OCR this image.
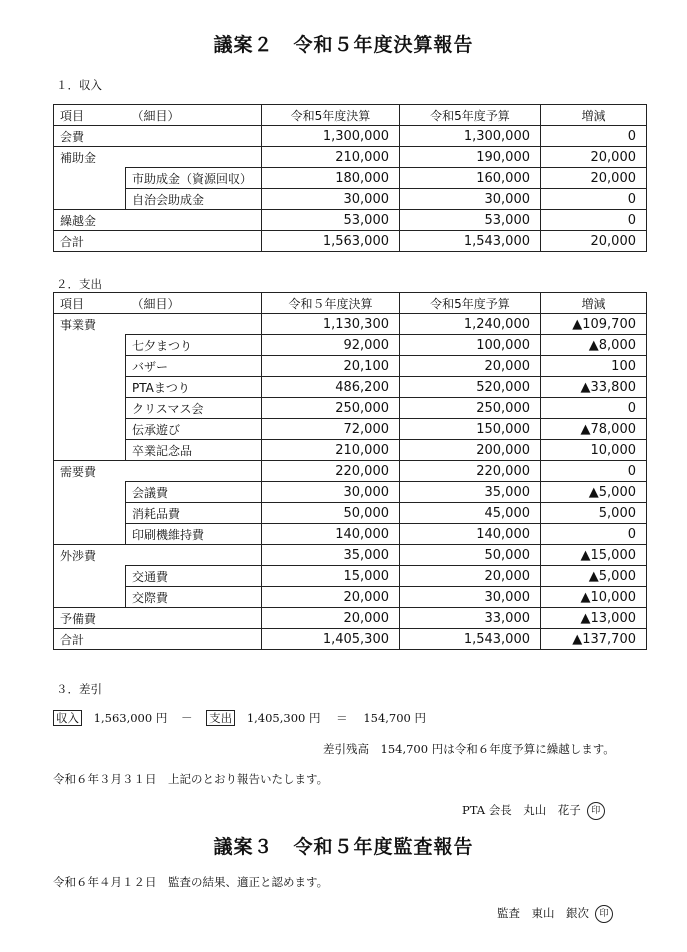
議案２　令和５年度決算報告
１．収入
項目	（細目）	令和5年度決算	令和5年度予算	増減
会費		1,300,000	1,300,000	0
補助金		210,000	190,000	20,000
	市助成金（資源回収）	180,000	160,000	20,000
	自治会助成金	30,000	30,000	0
繰越金		53,000	53,000	0
合計		1,563,000	1,543,000	20,000
２．支出
項目	（細目）	令和５年度決算	令和5年度予算	増減
事業費		1,130,300	1,240,000	▲109,700
	七夕まつり	92,000	100,000	▲8,000
	バザー	20,100	20,000	100
	PTAまつり	486,200	520,000	▲33,800
	クリスマス会	250,000	250,000	0
	伝承遊び	72,000	150,000	▲78,000
	卒業記念品	210,000	200,000	10,000
需要費		220,000	220,000	0
	会議費	30,000	35,000	▲5,000
	消耗品費	50,000	45,000	5,000
	印刷機維持費	140,000	140,000	0
外渉費		35,000	50,000	▲15,000
	交通費	15,000	20,000	▲5,000
	交際費	20,000	30,000	▲10,000
予備費		20,000	33,000	▲13,000
合計		1,405,300	1,543,000	▲137,700
３．差引
収入 1,563,000 円 － 支出 1,405,300 円 ＝ 154,700 円
差引残高　154,700 円は令和６年度予算に繰越します。
令和６年３月３１日　上記のとおり報告いたします。
PTA 会長　丸山　花子 印
議案３　令和５年度監査報告
令和６年４月１２日　監査の結果、適正と認めます。
監査　東山　銀次 印
